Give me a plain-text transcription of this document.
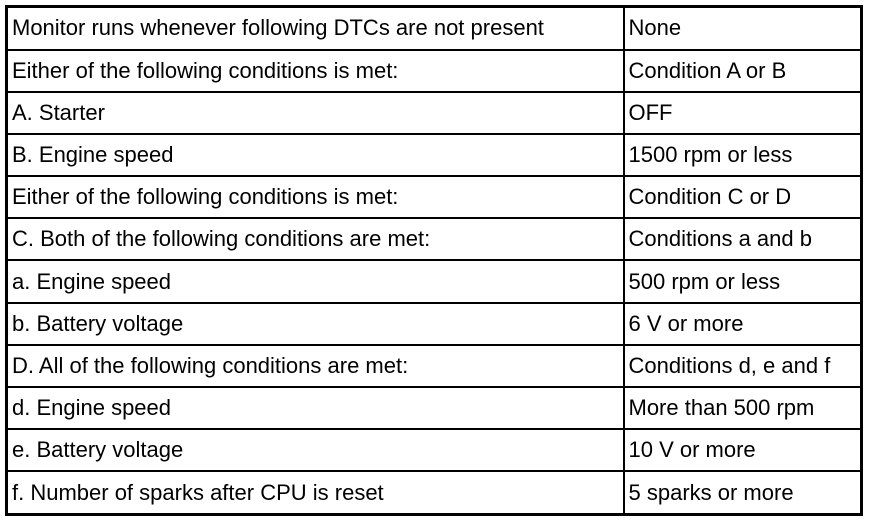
Monitor runs whenever following DTCs are not present	None
Either of the following conditions is met:	Condition A or B
A. Starter	OFF
B. Engine speed	1500 rpm or less
Either of the following conditions is met:	Condition C or D
C. Both of the following conditions are met:	Conditions a and b
a. Engine speed	500 rpm or less
b. Battery voltage	6 V or more
D. All of the following conditions are met:	Conditions d, e and f
d. Engine speed	More than 500 rpm
e. Battery voltage	10 V or more
f. Number of sparks after CPU is reset	5 sparks or more
